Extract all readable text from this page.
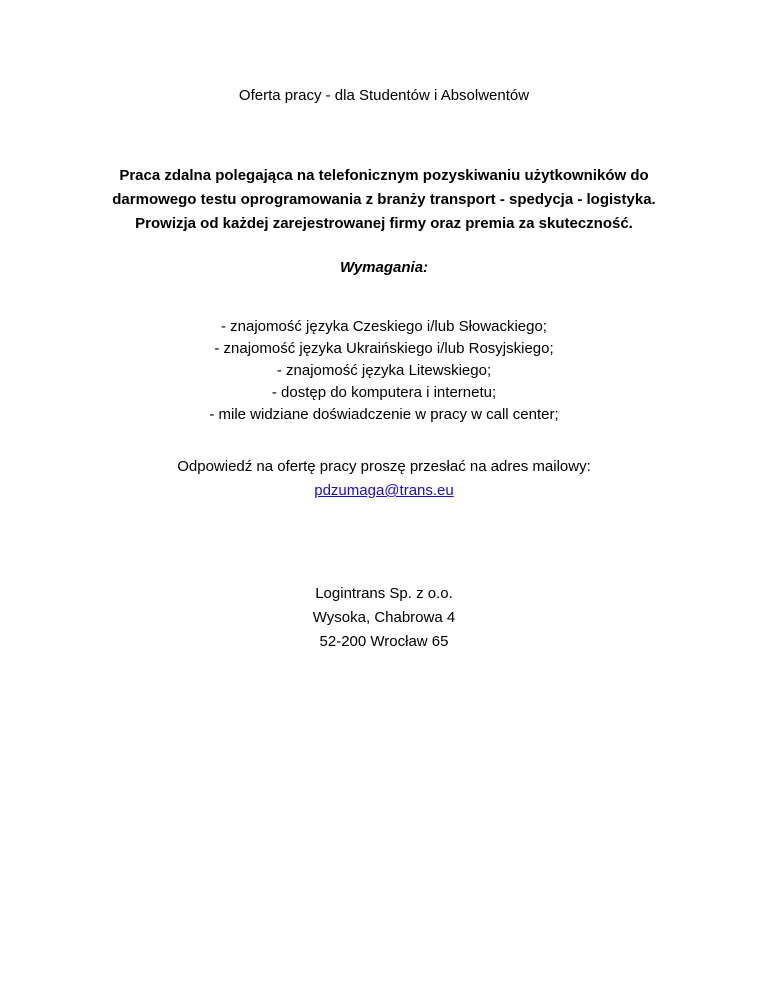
Oferta pracy - dla Studentów i Absolwentów
Praca zdalna polegająca na telefonicznym pozyskiwaniu użytkowników do
darmowego testu oprogramowania z branży transport - spedycja - logistyka.
Prowizja od każdej zarejestrowanej firmy oraz premia za skuteczność.
Wymagania:
- znajomość języka Czeskiego i/lub Słowackiego;
- znajomość języka Ukraińskiego i/lub Rosyjskiego;
- znajomość języka Litewskiego;
- dostęp do komputera i internetu;
- mile widziane doświadczenie w pracy w call center;
Odpowiedź na ofertę pracy proszę przesłać na adres mailowy:
pdzumaga@trans.eu
Logintrans Sp. z o.o.
Wysoka, Chabrowa 4
52-200 Wrocław 65
